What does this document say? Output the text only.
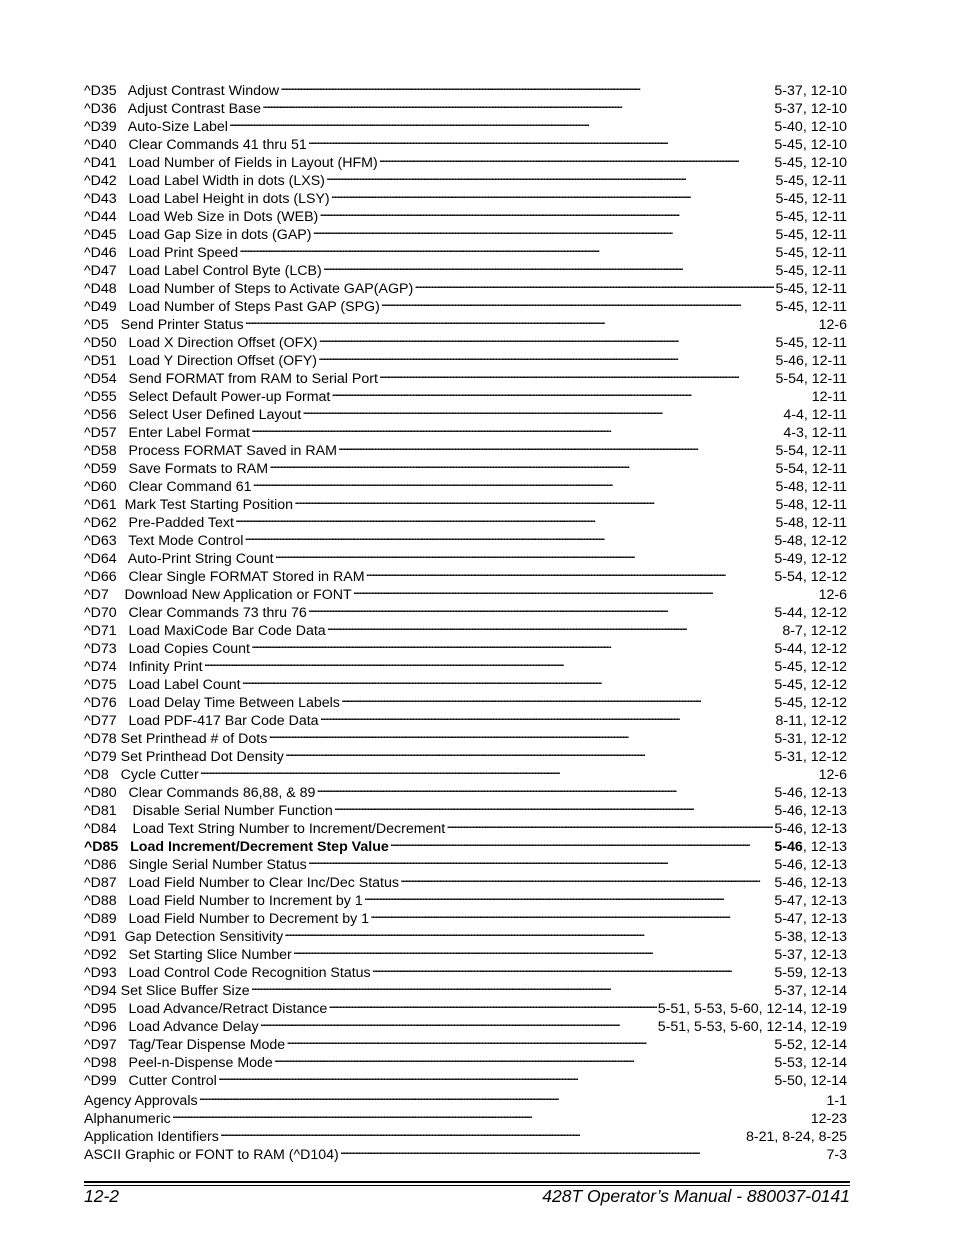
^D35   Adjust Contrast Window . . .	5-37, 12-10
^D36   Adjust Contrast Base . . .	5-37, 12-10
^D39   Auto-Size Label . . .	5-40, 12-10
^D40   Clear Commands 41 thru 51 . . .	5-45, 12-10
^D41   Load Number of Fields in Layout (HFM) . . .	5-45, 12-10
^D42   Load Label Width in dots (LXS) . . .	5-45, 12-11
^D43   Load Label Height in dots (LSY) . . .	5-45, 12-11
^D44   Load Web Size in Dots (WEB) . . .	5-45, 12-11
^D45   Load Gap Size in dots (GAP) . . .	5-45, 12-11
^D46   Load Print Speed . . .	5-45, 12-11
^D47   Load Label Control Byte (LCB) . . .	5-45, 12-11
^D48   Load Number of Steps to Activate GAP(AGP) . . .	5-45, 12-11
^D49   Load Number of Steps Past GAP (SPG) . . .	5-45, 12-11
^D5   Send Printer Status . . .	12-6
^D50   Load X Direction Offset (OFX) . . .	5-45, 12-11
^D51   Load Y Direction Offset (OFY) . . .	5-46, 12-11
^D54   Send FORMAT from RAM to Serial Port . . .	5-54, 12-11
^D55   Select Default Power-up Format . . .	12-11
^D56   Select User Defined Layout . . .	4-4, 12-11
^D57   Enter Label Format . . .	4-3, 12-11
^D58   Process FORMAT Saved in RAM . . .	5-54, 12-11
^D59   Save Formats to RAM . . .	5-54, 12-11
^D60   Clear Command 61 . . .	5-48, 12-11
^D61  Mark Test Starting Position . . .	5-48, 12-11
^D62   Pre-Padded Text . . .	5-48, 12-11
^D63   Text Mode Control . . .	5-48, 12-12
^D64   Auto-Print String Count . . .	5-49, 12-12
^D66   Clear Single FORMAT Stored in RAM . . .	5-54, 12-12
^D7    Download New Application or FONT . . .	12-6
^D70   Clear Commands 73 thru 76 . . .	5-44, 12-12
^D71   Load MaxiCode Bar Code Data . . .	8-7, 12-12
^D73   Load Copies Count . . .	5-44, 12-12
^D74   Infinity Print . . .	5-45, 12-12
^D75   Load Label Count . . .	5-45, 12-12
^D76   Load Delay Time Between Labels . . .	5-45, 12-12
^D77   Load PDF-417 Bar Code Data . . .	8-11, 12-12
^D78 Set Printhead # of Dots . . .	5-31, 12-12
^D79 Set Printhead Dot Density . . .	5-31, 12-12
^D8   Cycle Cutter . . .	12-6
^D80   Clear Commands 86,88, & 89 . . .	5-46, 12-13
^D81    Disable Serial Number Function . . .	5-46, 12-13
^D84    Load Text String Number to Increment/Decrement . . .	5-46, 12-13
^D85   Load Increment/Decrement Step Value . . .	5-46, 12-13
^D86   Single Serial Number Status . . .	5-46, 12-13
^D87   Load Field Number to Clear Inc/Dec Status . . .	5-46, 12-13
^D88   Load Field Number to Increment by 1 . . .	5-47, 12-13
^D89   Load Field Number to Decrement by 1 . . .	5-47, 12-13
^D91  Gap Detection Sensitivity . . .	5-38, 12-13
^D92   Set Starting Slice Number . . .	5-37, 12-13
^D93   Load Control Code Recognition Status . . .	5-59, 12-13
^D94 Set Slice Buffer Size . . .	5-37, 12-14
^D95   Load Advance/Retract Distance . . .	5-51, 5-53, 5-60, 12-14, 12-19
^D96   Load Advance Delay . . .	5-51, 5-53, 5-60, 12-14, 12-19
^D97   Tag/Tear Dispense Mode . . .	5-52, 12-14
^D98   Peel-n-Dispense Mode . . .	5-53, 12-14
^D99   Cutter Control . . .	5-50, 12-14
Agency Approvals . . .	1-1
Alphanumeric . . .	12-23
Application Identifiers . . .	8-21, 8-24, 8-25
ASCII Graphic or FONT to RAM (^D104) . . .	7-3
12-2	428T Operator’s Manual - 880037-0141
